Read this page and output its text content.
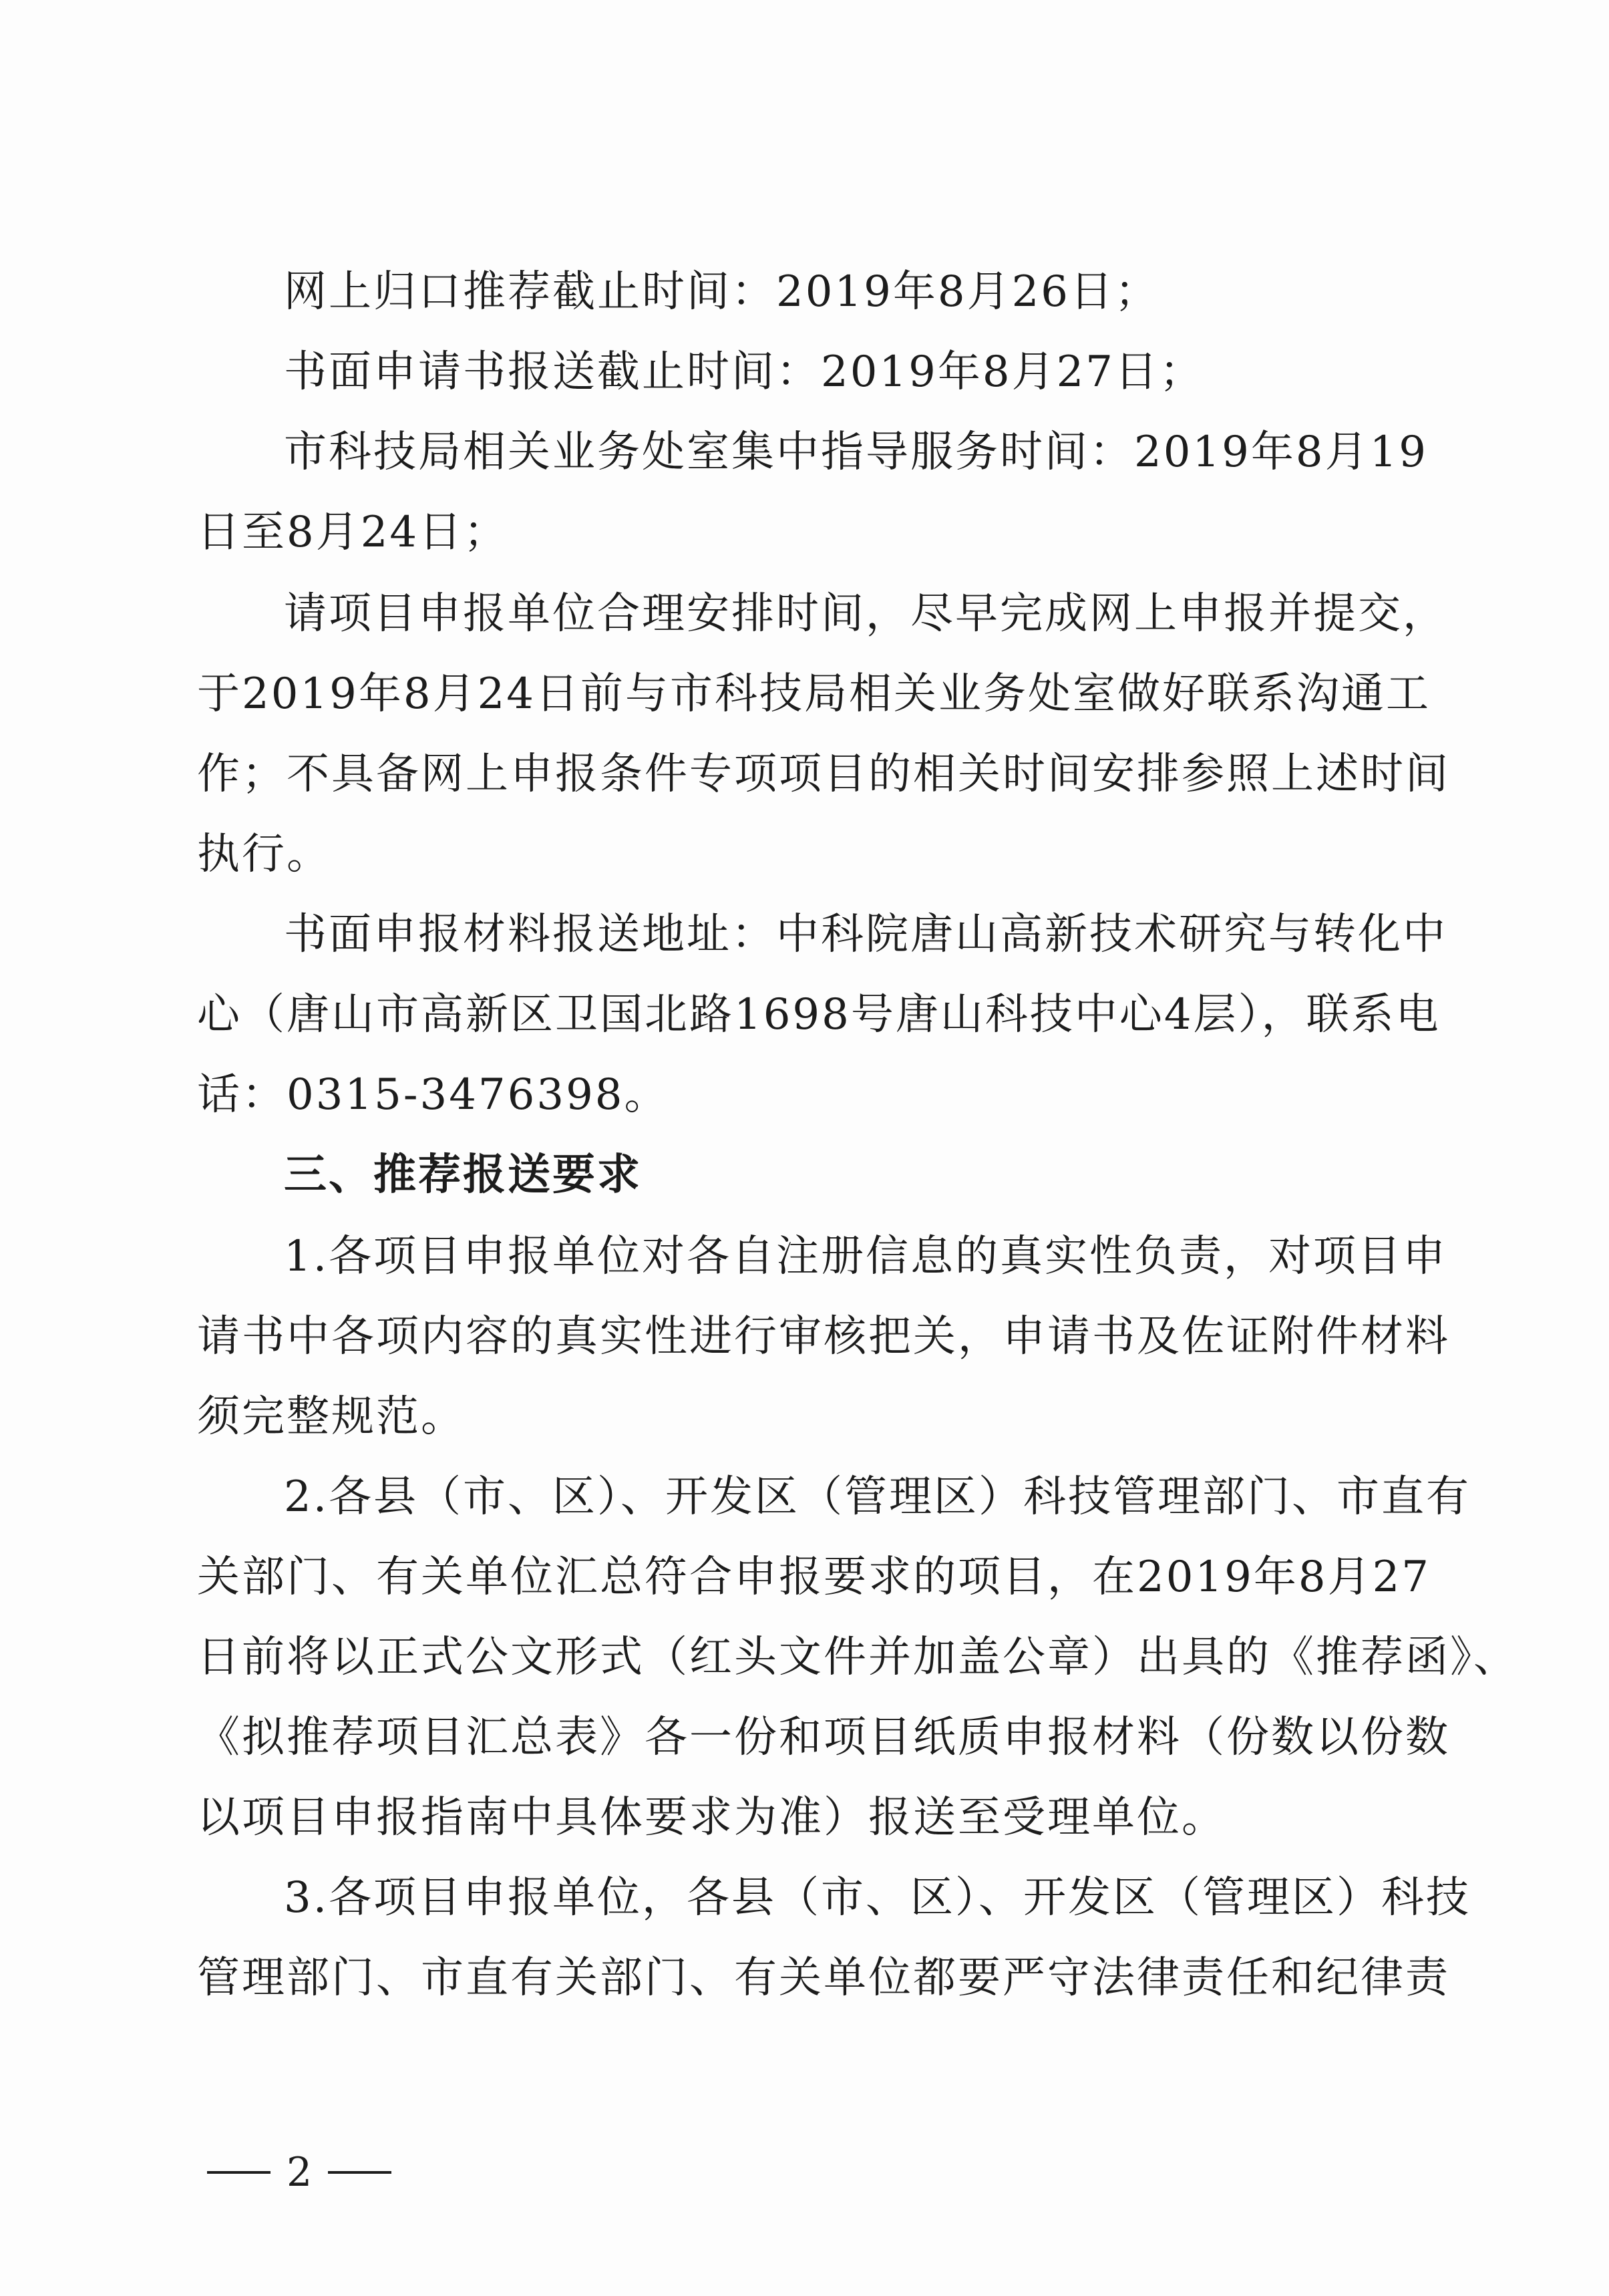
网上归口推荐截止时间：2019年8月26日；
书面申请书报送截止时间：2019年8月27日；
市科技局相关业务处室集中指导服务时间：2019年8月19
日至8月24日；
请项目申报单位合理安排时间，尽早完成网上申报并提交，
于2019年8月24日前与市科技局相关业务处室做好联系沟通工
作；不具备网上申报条件专项项目的相关时间安排参照上述时间
执行。
书面申报材料报送地址：中科院唐山高新技术研究与转化中
心（唐山市高新区卫国北路1698号唐山科技中心4层），联系电
话：0315-3476398。
三、推荐报送要求
1.各项目申报单位对各自注册信息的真实性负责，对项目申
请书中各项内容的真实性进行审核把关，申请书及佐证附件材料
须完整规范。
2.各县（市、区）、开发区（管理区）科技管理部门、市直有
关部门、有关单位汇总符合申报要求的项目，在2019年8月27
日前将以正式公文形式（红头文件并加盖公章）出具的《推荐函》、
《拟推荐项目汇总表》各一份和项目纸质申报材料（份数以份数
以项目申报指南中具体要求为准）报送至受理单位。
3.各项目申报单位，各县（市、区）、开发区（管理区）科技
管理部门、市直有关部门、有关单位都要严守法律责任和纪律责
2
